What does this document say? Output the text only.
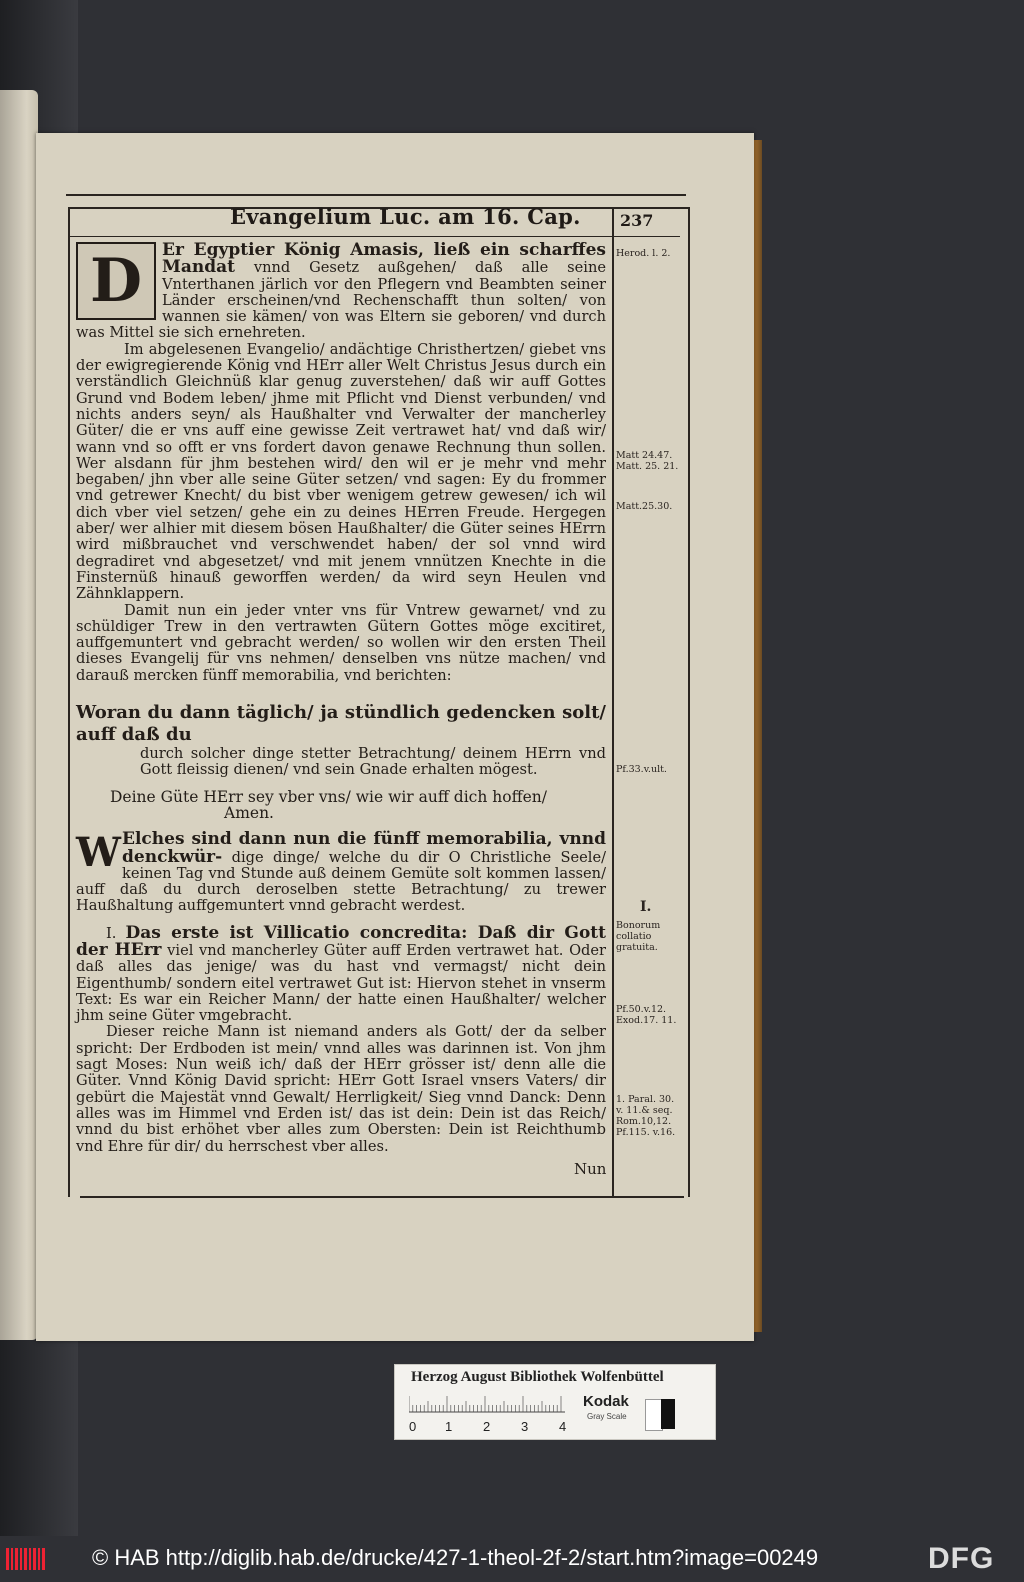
Evangelium Luc. am 16. Cap. 237

D	Er Egyptier König Amasis, ließ ein scharffes Mandat vnnd Gesetz außgehen/ daß alle seine Vnterthanen järlich vor den Pflegern vnd Beambten seiner Länder erscheinen/vnd Rechenschafft thun solten/ von wannen sie kämen/ von was Eltern sie geboren/ vnd durch was Mittel sie sich ernehreten.

Im abgelesenen Evangelio/ andächtige Christhertzen/ giebet vns der ewigregierende König vnd HErr aller Welt Christus Jesus durch ein verständlich Gleichnüß klar genug zuverstehen/ daß wir auff Gottes Grund vnd Bodem leben/ jhme mit Pflicht vnd Dienst verbunden/ vnd nichts anders seyn/ als Haußhalter vnd Verwalter der mancherley Güter/ die er vns auff eine gewisse Zeit vertrawet hat/ vnd daß wir/ wann vnd so offt er vns fordert davon genawe Rechnung thun sollen. Wer alsdann für jhm bestehen wird/ den wil er je mehr vnd mehr begaben/ jhn vber alle seine Güter setzen/ vnd sagen: Ey du frommer vnd getrewer Knecht/ du bist vber wenigem getrew gewesen/ ich wil dich vber viel setzen/ gehe ein zu deines HErren Freude. Hergegen aber/ wer alhier mit diesem bösen Haußhalter/ die Güter seines HErrn wird mißbrauchet vnd verschwendet haben/ der sol vnnd wird degradiret vnd abgesetzet/ vnd mit jenem vnnützen Knechte in die Finsternüß hinauß geworffen werden/ da wird seyn Heulen vnd Zähnklappern.

Damit nun ein jeder vnter vns für Vntrew gewarnet/ vnd zu schüldiger Trew in den vertrawten Gütern Gottes möge excitiret, auffgemuntert vnd gebracht werden/ so wollen wir den ersten Theil dieses Evangelij für vns nehmen/ denselben vns nütze machen/ vnd darauß mercken fünff memorabilia, vnd berichten:

Woran du dann täglich/ ja stündlich gedencken solt/ auff daß du

durch solcher dinge stetter Betrachtung/ deinem HErrn vnd Gott fleissig dienen/ vnd sein Gnade erhalten mögest.

Deine Güte HErr sey vber vns/ wie wir auff dich hoffen/

Amen.

W Elches sind dann nun die fünff memorabilia, vnnd denckwür- dige dinge/ welche du dir O Christliche Seele/ keinen Tag vnd Stunde auß deinem Gemüte solt kommen lassen/ auff daß du durch deroselben stette Betrachtung/ zu trewer Haußhaltung auffgemuntert vnnd gebracht werdest.

I. Das erste ist Villicatio concredita: Daß dir Gott der HErr viel vnd mancherley Güter auff Erden vertrawet hat. Oder daß alles das jenige/ was du hast vnd vermagst/ nicht dein Eigenthumb/ sondern eitel vertrawet Gut ist: Hiervon stehet in vnserm Text: Es war ein Reicher Mann/ der hatte einen Haußhalter/ welcher jhm seine Güter vmgebracht.

Dieser reiche Mann ist niemand anders als Gott/ der da selber spricht: Der Erdboden ist mein/ vnnd alles was darinnen ist. Von jhm sagt Moses: Nun weiß ich/ daß der HErr grösser ist/ denn alle die Güter. Vnnd König David spricht: HErr Gott Israel vnsers Vaters/ dir gebürt die Majestät vnnd Gewalt/ Herrligkeit/ Sieg vnnd Danck: Denn alles was im Himmel vnd Erden ist/ das ist dein: Dein ist das Reich/ vnnd du bist erhöhet vber alles zum Obersten: Dein ist Reichthumb vnd Ehre für dir/ du herrschest vber alles.

Nun
Herod. l. 2.
Matt 24.47. Matt. 25. 21.
Matt.25.30.
Pf.33.v.ult.
I.
Bonorum collatio gratuita.
Pf.50.v.12. Exod.17. 11.
1. Paral. 30. v. 11.& seq. Rom.10,12. Pf.115. v.16.
Herzog August Bibliothek Wolfenbüttel
0 1 2 3 4
Kodak
Gray Scale
© HAB http://diglib.hab.de/drucke/427-1-theol-2f-2/start.htm?image=00249	DFG
